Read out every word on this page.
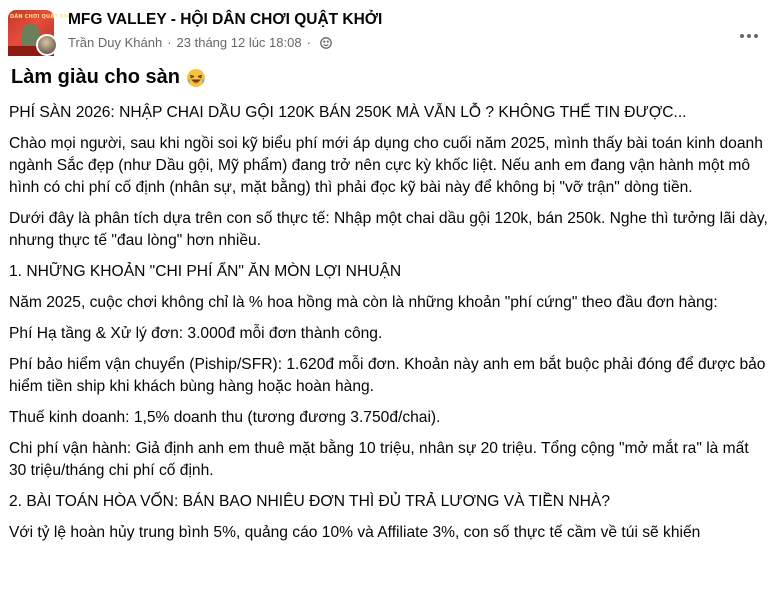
DÂN CHƠI QUẬT KHỞI
MFG VALLEY - HỘI DÂN CHƠI QUẬT KHỞI
Trần Duy Khánh · 23 tháng 12 lúc 18:08 ·
Làm giàu cho sàn

PHÍ SÀN 2026: NHẬP CHAI DẦU GỘI 120K BÁN 250K MÀ VẪN LỖ ? KHÔNG THỂ TIN ĐƯỢC...

Chào mọi người, sau khi ngồi soi kỹ biểu phí mới áp dụng cho cuối năm 2025, mình thấy bài toán kinh doanh ngành Sắc đẹp (như Dầu gội, Mỹ phẩm) đang trở nên cực kỳ khốc liệt. Nếu anh em đang vận hành một mô hình có chi phí cố định (nhân sự, mặt bằng) thì phải đọc kỹ bài này để không bị "vỡ trận" dòng tiền.

Dưới đây là phân tích dựa trên con số thực tế: Nhập một chai dầu gội 120k, bán 250k. Nghe thì tưởng lãi dày, nhưng thực tế "đau lòng" hơn nhiều.

1. NHỮNG KHOẢN "CHI PHÍ ẨN" ĂN MÒN LỢI NHUẬN

Năm 2025, cuộc chơi không chỉ là % hoa hồng mà còn là những khoản "phí cứng" theo đầu đơn hàng:

Phí Hạ tầng & Xử lý đơn: 3.000đ mỗi đơn thành công.

Phí bảo hiểm vận chuyển (Piship/SFR): 1.620đ mỗi đơn. Khoản này anh em bắt buộc phải đóng để được bảo hiểm tiền ship khi khách bùng hàng hoặc hoàn hàng.

Thuế kinh doanh: 1,5% doanh thu (tương đương 3.750đ/chai).

Chi phí vận hành: Giả định anh em thuê mặt bằng 10 triệu, nhân sự 20 triệu. Tổng cộng "mở mắt ra" là mất 30 triệu/tháng chi phí cố định.

2. BÀI TOÁN HÒA VỐN: BÁN BAO NHIÊU ĐƠN THÌ ĐỦ TRẢ LƯƠNG VÀ TIỀN NHÀ?

Với tỷ lệ hoàn hủy trung bình 5%, quảng cáo 10% và Affiliate 3%, con số thực tế cầm về túi sẽ khiến
